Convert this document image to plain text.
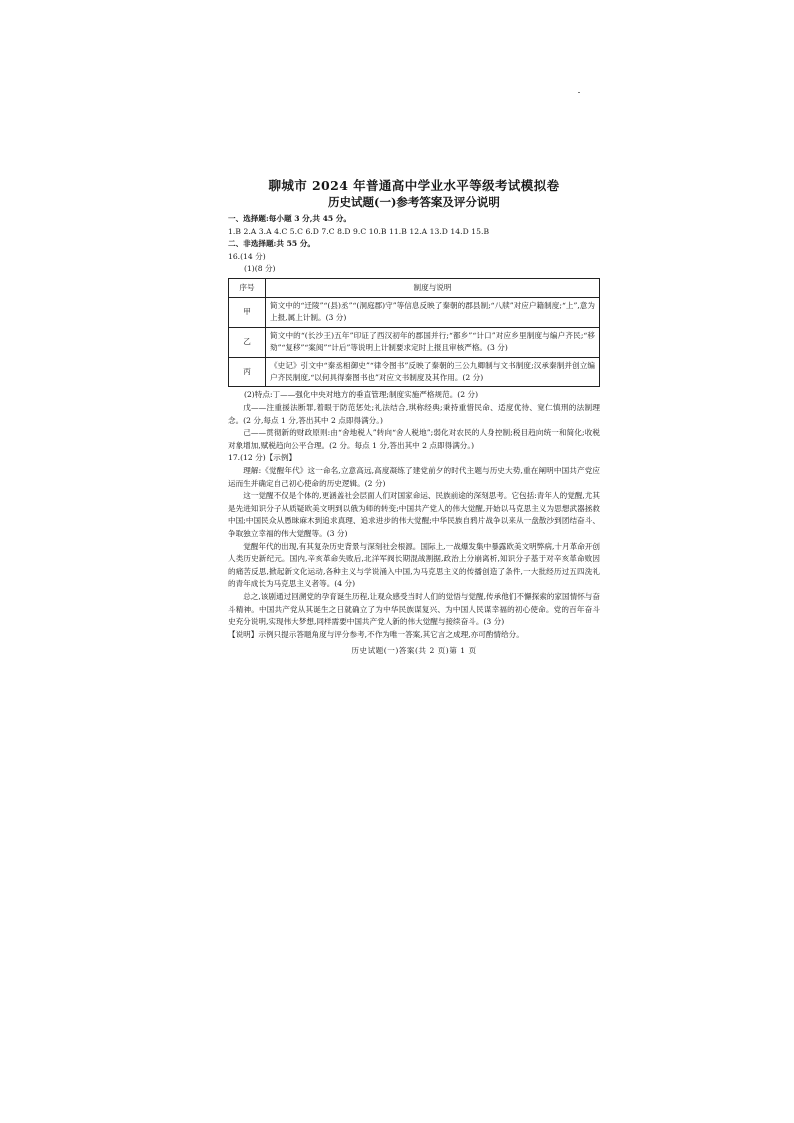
聊城市 2024 年普通高中学业水平等级考试模拟卷
历史试题(一)参考答案及评分说明
一、选择题:每小题 3 分,共 45 分。
1.B 2.A 3.A 4.C 5.C 6.D 7.C 8.D 9.C 10.B 11.B 12.A 13.D 14.D 15.B
二、非选择题:共 55 分。
16.(14 分)
(1)(8 分)
序号	制度与说明
甲	简文中的“迁陵”“(县)丞”“(洞庭郡)守”等信息反映了秦朝的郡县制;“八牍”对应户籍制度;“上”,意为上报,属上计制。(3 分)
乙	简文中的“(长沙王)五年”印证了西汉初年的郡国并行;“都乡”“计口”对应乡里制度与编户齐民;“移劾”“复移”“案阅”“计后”等说明上计制要求定时上报且审核严格。(3 分)
丙	《史记》引文中“秦丞相御史”“律令图书”反映了秦朝的三公九卿制与文书制度;汉承秦制并创立编户齐民制度,“以何具得秦图书也”对应文书制度及其作用。(2 分)
(2)特点:丁——强化中央对地方的垂直管理;制度实施严格规范。(2 分)
戊——注重援法断罪,着眼于防范惩处;礼法结合,琪称经典;秉持重惜民命、适度优待、宽仁慎刑的法制理念。(2 分,每点 1 分,答出其中 2 点即得满分。)
己——贯彻新的财政原则:由“舍地税人”转向“舍人税地”;弱化对农民的人身控制;税目趋向统一和简化;收税对象增加,赋税趋向公平合理。(2 分。每点 1 分,答出其中 2 点即得满分。)
17.(12 分)【示例】
理解:《觉醒年代》这一命名,立意高远,高度凝练了建党前夕的时代主题与历史大势,重在阐明中国共产党应运而生并确定自己初心使命的历史逻辑。(2 分)
这一觉醒不仅是个体的,更涵盖社会层面人们对国家命运、民族前途的深刻思考。它包括:青年人的觉醒,尤其是先进知识分子从质疑欧美文明到以俄为师的转变;中国共产党人的伟大觉醒,开始以马克思主义为思想武器拯救中国;中国民众从愚昧麻木到追求真理、追求进步的伟大觉醒;中华民族自鸦片战争以来从一盘散沙到团结奋斗、争取独立幸福的伟大觉醒等。(3 分)
觉醒年代的出现,有其复杂历史背景与深刻社会根源。国际上,一战爆发集中暴露欧美文明弊病,十月革命开创人类历史新纪元。国内,辛亥革命失败后,北洋军阀长期混战割据,政治上分崩离析,知识分子基于对辛亥革命败因的痛苦反思,掀起新文化运动,各种主义与学说涌入中国,为马克思主义的传播创造了条件,一大批经历过五四洗礼的青年成长为马克思主义者等。(4 分)
总之,该剧通过回溯党的孕育诞生历程,让观众感受当时人们的觉悟与觉醒,传承他们不懈探索的家国情怀与奋斗精神。中国共产党从其诞生之日就确立了为中华民族谋复兴、为中国人民谋幸福的初心使命。党的百年奋斗史充分说明,实现伟大梦想,同样需要中国共产党人新的伟大觉醒与接续奋斗。(3 分)
【说明】示例只提示答题角度与评分参考,不作为唯一答案,其它言之成理,亦可酌情给分。
历史试题(一)答案(共 2 页)第 1 页
